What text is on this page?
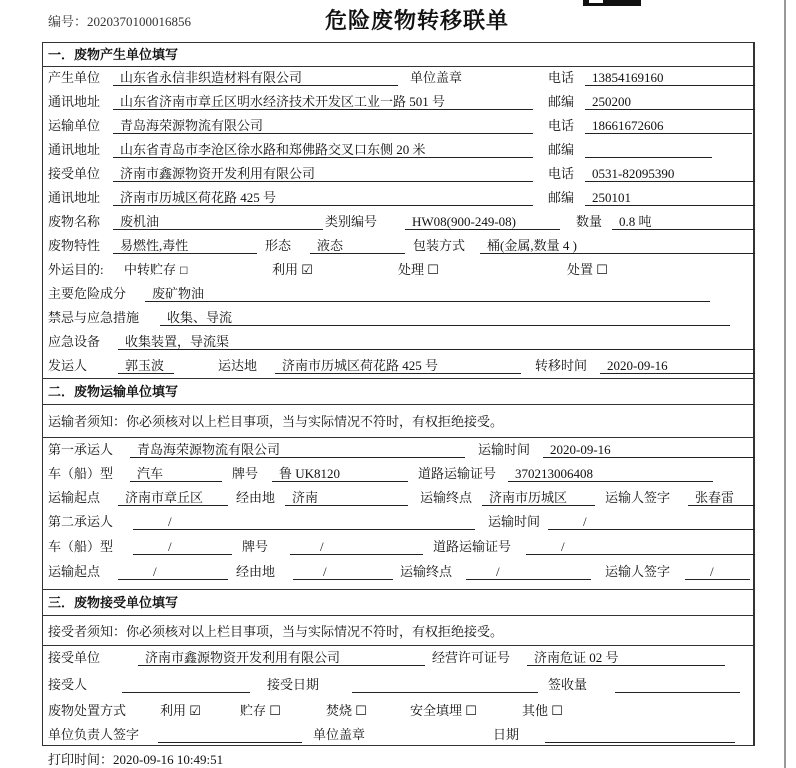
编号：2020370100016856	危险废物转移联单
一．废物产生单位填写
产生单位	山东省永信非织造材料有限公司	单位盖章	电话	13854169160
通讯地址	山东省济南市章丘区明水经济技术开发区工业一路 501 号	邮编	250200
运输单位	青岛海荣源物流有限公司	电话	18661672606
通讯地址	山东省青岛市李沧区徐水路和郑佛路交叉口东侧 20 米	邮编
接受单位	济南市鑫源物资开发利用有限公司	电话	0531-82095390
通讯地址	济南市历城区荷花路 425 号	邮编	250101
废物名称	废机油	类别编号	HW08(900-249-08)	数量	0.8 吨
废物特性	易燃性,毒性	形态	液态	包装方式	桶(金属,数量 4 )
外运目的: 中转贮存 ☐	利用 ☑	处理 ☐	处置 ☐
主要危险成分	废矿物油
禁忌与应急措施	收集、导流
应急设备	收集装置，导流渠
发运人	郭玉波	运达地	济南市历城区荷花路 425 号	转移时间	2020-09-16
二．废物运输单位填写
运输者须知：你必须核对以上栏目事项，当与实际情况不符时，有权拒绝接受。
第一承运人	青岛海荣源物流有限公司	运输时间	2020-09-16
车（船）型	汽车	牌号	鲁 UK8120	道路运输证号	370213006408
运输起点	济南市章丘区	经由地	济南	运输终点	济南市历城区	运输人签字	张春雷
第二承运人	/	运输时间	/
车（船）型	/	牌号	/	道路运输证号	/
运输起点	/	经由地	/	运输终点	/	运输人签字	/
三．废物接受单位填写
接受者须知：你必须核对以上栏目事项，当与实际情况不符时，有权拒绝接受。
接受单位	济南市鑫源物资开发利用有限公司	经营许可证号	济南危证 02 号
接受人	接受日期	签收量
废物处置方式	利用 ☑	贮存 ☐	焚烧 ☐	安全填埋 ☐	其他 ☐
单位负责人签字	单位盖章	日期
打印时间：2020-09-16 10:49:51
